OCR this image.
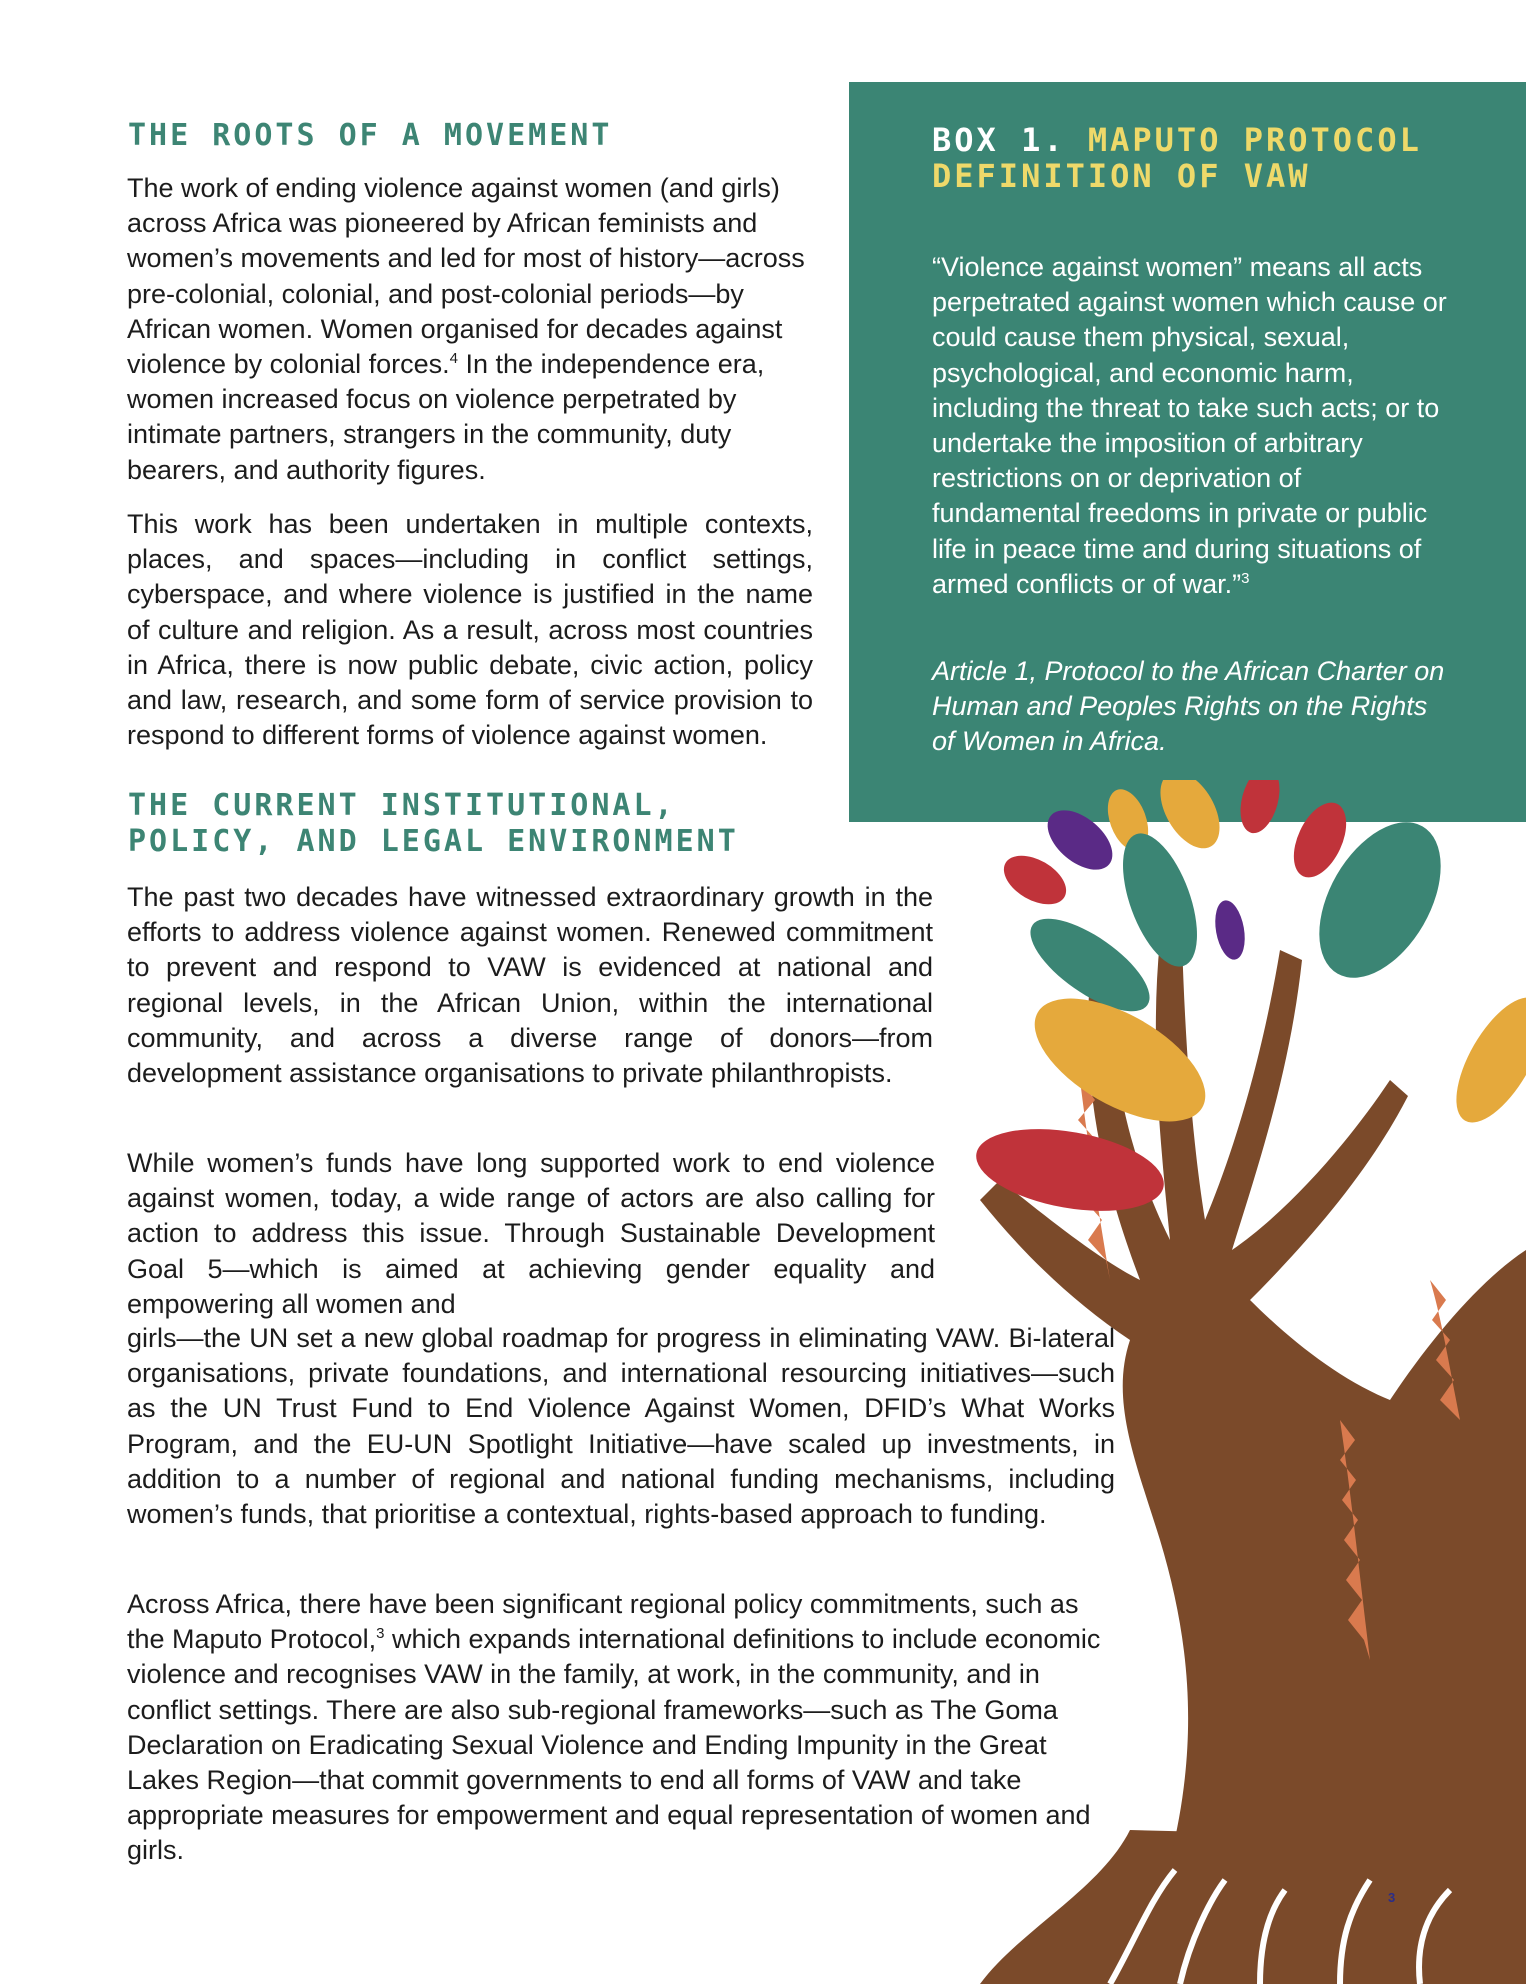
THE ROOTS OF A MOVEMENT

The work of ending violence against women (and girls) across Africa was pioneered by African feminists and women’s movements and led for most of history—across pre-colonial, colonial, and post-colonial periods—by African women. Women organised for decades against violence by colonial forces.$^4$ In the independence era, women increased focus on violence perpetrated by intimate partners, strangers in the community, duty bearers, and authority figures.

This work has been undertaken in multiple contexts, places, and spaces—including in conflict settings, cyberspace, and where violence is justified in the name of culture and religion. As a result, across most countries in Africa, there is now public debate, civic action, policy and law, research, and some form of service provision to respond to different forms of violence against women.

THE CURRENT INSTITUTIONAL,
POLICY, AND LEGAL ENVIRONMENT

The past two decades have witnessed extraordinary growth in the efforts to address violence against women. Renewed commitment to prevent and respond to VAW is evidenced at national and regional levels, in the African Union, within the international community, and across a diverse range of donors—from development assistance organisations to private philanthropists.

While women’s funds have long supported work to end violence against women, today, a wide range of actors are also calling for action to address this issue. Through Sustainable Development Goal 5—which is aimed at achieving gender equality and empowering all women and

girls—the UN set a new global roadmap for progress in eliminating VAW. Bi-lateral organisations, private foundations, and international resourcing initiatives—such as the UN Trust Fund to End Violence Against Women, DFID’s What Works Program, and the EU-UN Spotlight Initiative—have scaled up investments, in addition to a number of regional and national funding mechanisms, including women’s funds, that prioritise a contextual, rights-based approach to funding.

Across Africa, there have been significant regional policy commitments, such as the Maputo Protocol,$^3$ which expands international definitions to include economic violence and recognises VAW in the family, at work, in the community, and in conflict settings. There are also sub-regional frameworks—such as The Goma Declaration on Eradicating Sexual Violence and Ending Impunity in the Great Lakes Region—that commit governments to end all forms of VAW and take appropriate measures for empowerment and equal representation of women and girls.

BOX 1. MAPUTO PROTOCOL DEFINITION OF VAW

“Violence against women” means all acts perpetrated against women which cause or could cause them physical, sexual, psychological, and economic harm, including the threat to take such acts; or to undertake the imposition of arbitrary restrictions on or deprivation of fundamental freedoms in private or public life in peace time and during situations of armed conflicts or of war.”$^3$

Article 1, Protocol to the African Charter on Human and Peoples Rights on the Rights of Women in Africa.

3
